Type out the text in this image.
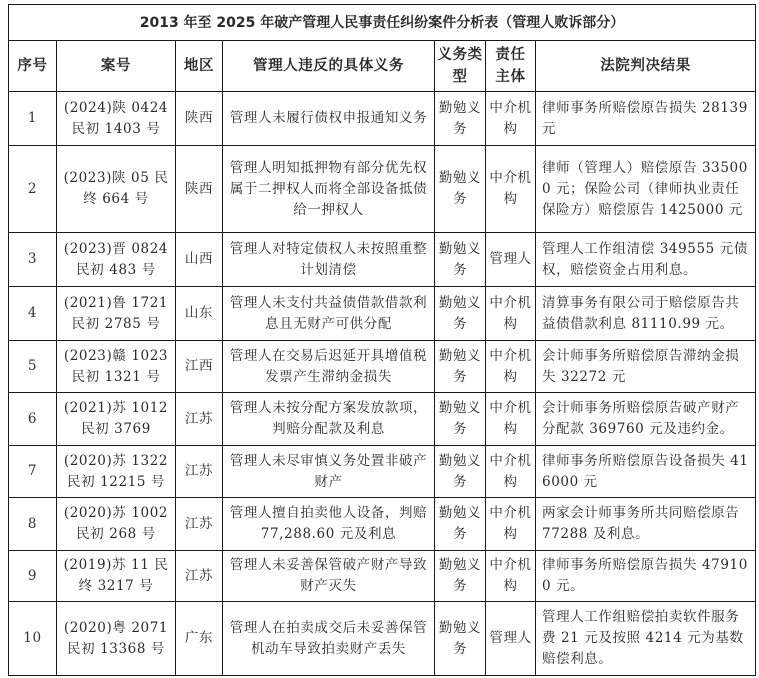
2013 年至 2025 年破产管理人民事责任纠纷案件分析表（管理人败诉部分）						
序号	案号	地区	管理人违反的具体义务	义务类型	责任主体	法院判决结果
1	(2024)陕 0424 民初 1403 号	陕西	管理人未履行债权申报通知义务	勤勉义务	中介机构	律师事务所赔偿原告损失 28139 元
2	(2023)陕 05 民终 664 号	陕西	管理人明知抵押物有部分优先权属于二押权人而将全部设备抵债给一押权人	勤勉义务	中介机构	律师（管理人）赔偿原告 335000 元；保险公司（律师执业责任保险方）赔偿原告 1425000 元
3	(2023)晋 0824 民初 483 号	山西	管理人对特定债权人未按照重整计划清偿	勤勉义务	管理人	管理人工作组清偿 349555 元债权，赔偿资金占用利息。
4	(2021)鲁 1721 民初 2785 号	山东	管理人未支付共益债借款借款利息且无财产可供分配	勤勉义务	中介机构	清算事务有限公司于赔偿原告共益债借款利息 81110.99 元。
5	(2023)赣 1023 民初 1321 号	江西	管理人在交易后迟延开具增值税发票产生滞纳金损失	勤勉义务	中介机构	会计师事务所赔偿原告滞纳金损失 32272 元
6	(2021)苏 1012 民初 3769	江苏	管理人未按分配方案发放款项，判赔分配款及利息	勤勉义务	中介机构	会计师事务所赔偿原告破产财产分配款 369760 元及违约金。
7	(2020)苏 1322 民初 12215 号	江苏	管理人未尽审慎义务处置非破产财产	勤勉义务	中介机构	律师事务所赔偿原告设备损失 416000 元
8	(2020)苏 1002 民初 268 号	江苏	管理人擅自拍卖他人设备，判赔 77,288.60 元及利息	勤勉义务	中介机构	两家会计师事务所共同赔偿原告 77288 及利息。
9	(2019)苏 11 民终 3217 号	江苏	管理人未妥善保管破产财产导致财产灭失	勤勉义务	中介机构	律师事务所赔偿原告损失 479100 元。
10	(2020)粤 2071 民初 13368 号	广东	管理人在拍卖成交后未妥善保管机动车导致拍卖财产丢失	勤勉义务	管理人	管理人工作组赔偿拍卖软件服务费 21 元及按照 4214 元为基数赔偿利息。
